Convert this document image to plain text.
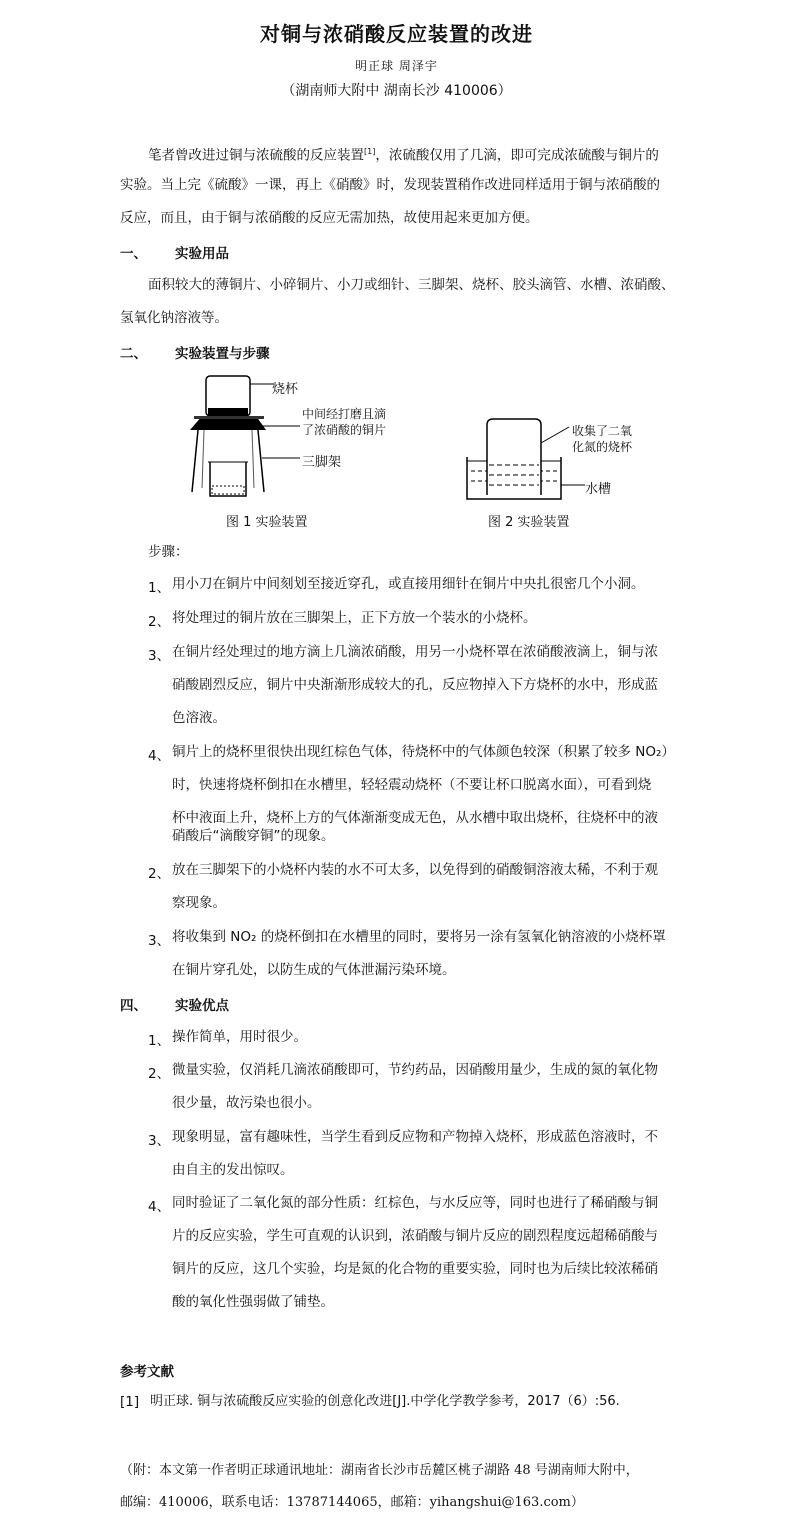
对铜与浓硝酸反应装置的改进
明正球 周泽宇
（湖南师大附中 湖南长沙 410006）
笔者曾改进过铜与浓硫酸的反应装置[1]，浓硫酸仅用了几滴，即可完成浓硫酸与铜片的
实验。当上完《硫酸》一课，再上《硝酸》时，发现装置稍作改进同样适用于铜与浓硝酸的
反应，而且，由于铜与浓硝酸的反应无需加热，故使用起来更加方便。
一、 实验用品
面积较大的薄铜片、小碎铜片、小刀或细针、三脚架、烧杯、胶头滴管、水槽、浓硝酸、
氢氧化钠溶液等。
二、 实验装置与步骤
烧杯
中间经打磨且滴
了浓硝酸的铜片
三脚架
图 1 实验装置
收集了二氧
化氮的烧杯
水槽
图 2 实验装置
步骤：
1、 用小刀在铜片中间刻划至接近穿孔，或直接用细针在铜片中央扎很密几个小洞。
2、 将处理过的铜片放在三脚架上，正下方放一个装水的小烧杯。
3、 在铜片经处理过的地方滴上几滴浓硝酸，用另一小烧杯罩在浓硝酸液滴上，铜与浓
硝酸剧烈反应，铜片中央渐渐形成较大的孔，反应物掉入下方烧杯的水中，形成蓝
色溶液。
4、 铜片上的烧杯里很快出现红棕色气体，待烧杯中的气体颜色较深（积累了较多 NO₂）
时，快速将烧杯倒扣在水槽里，轻轻震动烧杯（不要让杯口脱离水面），可看到烧
杯中液面上升，烧杯上方的气体渐渐变成无色，从水槽中取出烧杯，往烧杯中的液
硝酸后“滴酸穿铜”的现象。
2、 放在三脚架下的小烧杯内装的水不可太多，以免得到的硝酸铜溶液太稀，不利于观
察现象。
3、 将收集到 NO₂ 的烧杯倒扣在水槽里的同时，要将另一涂有氢氧化钠溶液的小烧杯罩
在铜片穿孔处，以防生成的气体泄漏污染环境。
四、 实验优点
1、 操作简单，用时很少。
2、 微量实验，仅消耗几滴浓硝酸即可，节约药品，因硝酸用量少，生成的氮的氧化物
很少量，故污染也很小。
3、 现象明显，富有趣味性，当学生看到反应物和产物掉入烧杯，形成蓝色溶液时，不
由自主的发出惊叹。
4、 同时验证了二氧化氮的部分性质：红棕色，与水反应等，同时也进行了稀硝酸与铜
片的反应实验，学生可直观的认识到，浓硝酸与铜片反应的剧烈程度远超稀硝酸与
铜片的反应，这几个实验，均是氮的化合物的重要实验，同时也为后续比较浓稀硝
酸的氧化性强弱做了铺垫。
参考文献
[1] 明正球. 铜与浓硫酸反应实验的创意化改进[J].中学化学教学参考，2017（6）:56.
（附：本文第一作者明正球通讯地址：湖南省长沙市岳麓区桃子湖路 48 号湖南师大附中，
邮编：410006，联系电话：13787144065，邮箱：yihangshui@163.com）
